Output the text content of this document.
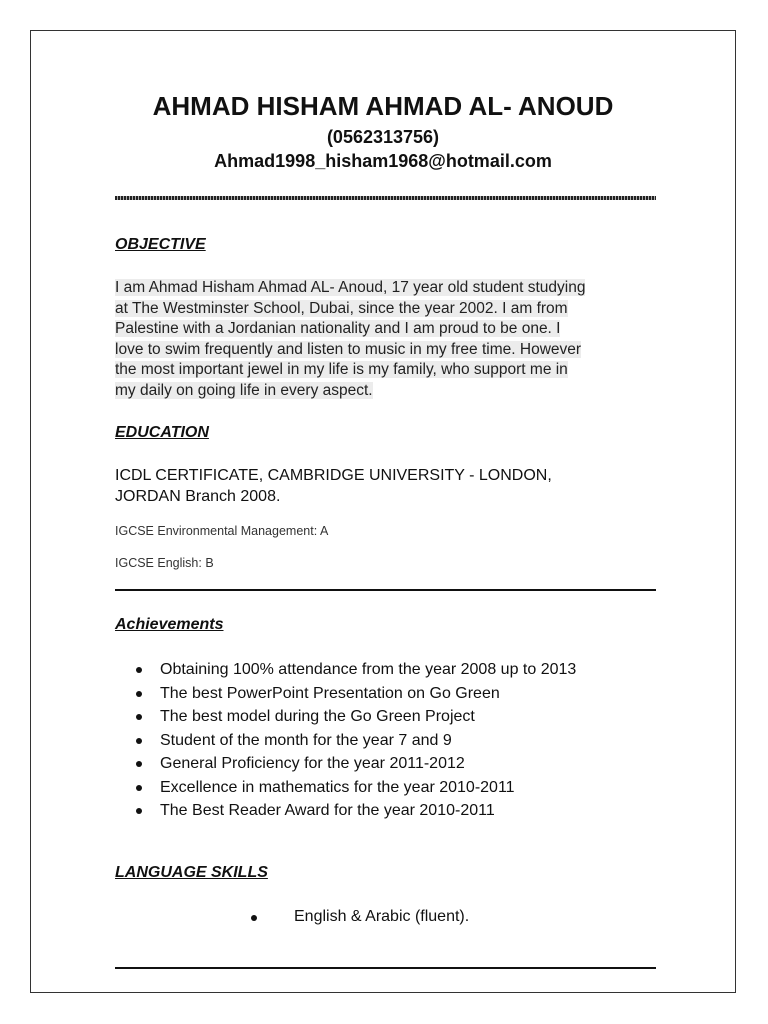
AHMAD HISHAM AHMAD AL- ANOUD
(0562313756)
Ahmad1998_hisham1968@hotmail.com
OBJECTIVE
I am Ahmad Hisham Ahmad AL- Anoud, 17 year old student studying
at The Westminster School, Dubai, since the year 2002. I am from
Palestine with a Jordanian nationality and I am proud to be one. I
love to swim frequently and listen to music in my free time. However
the most important jewel in my life is my family, who support me in
my daily on going life in every aspect.
EDUCATION
ICDL CERTIFICATE, CAMBRIDGE UNIVERSITY - LONDON,
JORDAN Branch 2008.
IGCSE Environmental Management: A
IGCSE English: B
Achievements
Obtaining 100% attendance from the year 2008 up to 2013
The best PowerPoint Presentation on Go Green
The best model during the Go Green Project
Student of the month for the year 7 and 9
General Proficiency for the year 2011-2012
Excellence in mathematics for the year 2010-2011
The Best Reader Award for the year 2010-2011
LANGUAGE SKILLS
English & Arabic (fluent).
